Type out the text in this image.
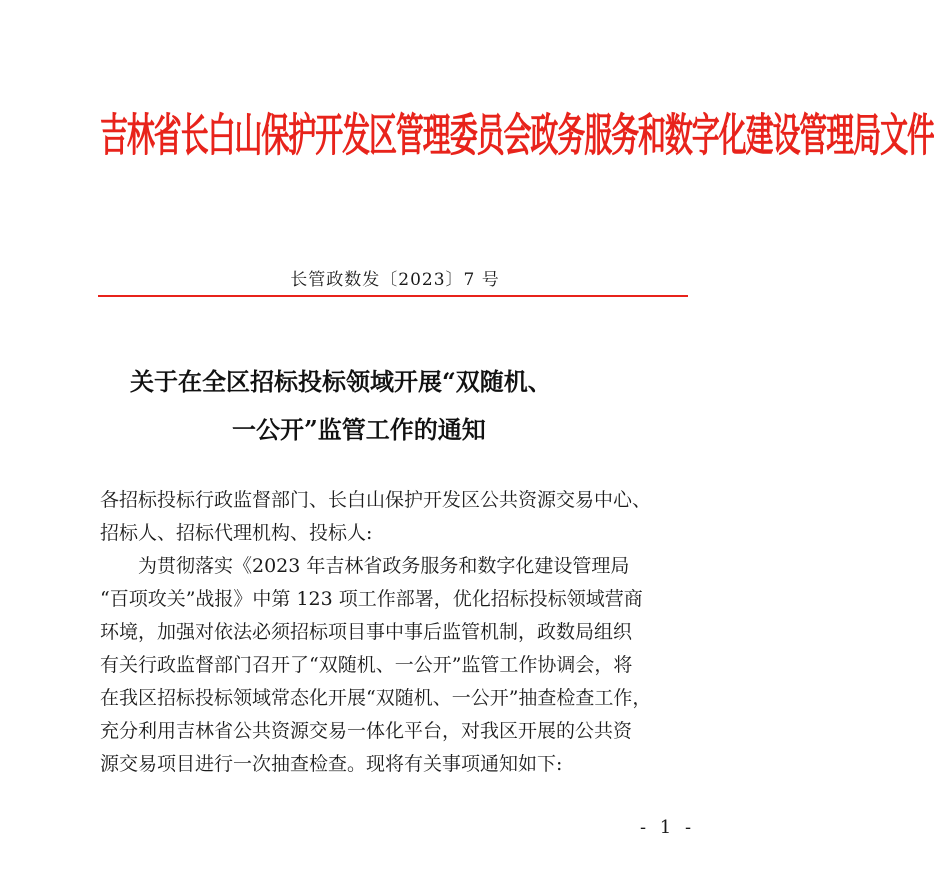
吉林省长白山保护开发区管理委员会政务服务和数字化建设管理局文件
长管政数发〔2023〕7 号
关于在全区招标投标领域开展“双随机、
一公开”监管工作的通知
各招标投标行政监督部门、长白山保护开发区公共资源交易中心、
招标人、招标代理机构、投标人:
为贯彻落实《2023 年吉林省政务服务和数字化建设管理局
“百项攻关”战报》中第 123 项工作部署，优化招标投标领域营商
环境，加强对依法必须招标项目事中事后监管机制，政数局组织
有关行政监督部门召开了“双随机、一公开”监管工作协调会，将
在我区招标投标领域常态化开展“双随机、一公开”抽查检查工作，
充分利用吉林省公共资源交易一体化平台，对我区开展的公共资
源交易项目进行一次抽查检查。现将有关事项通知如下:
- 1 -
